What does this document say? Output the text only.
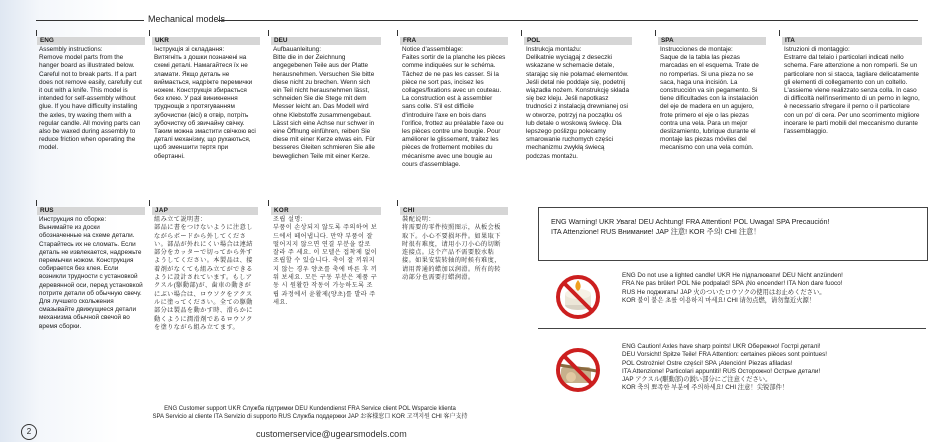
Mechanical models
ENG
Assembly instructions:
Remove model parts from the hanger board as illustrated below. Careful not to break parts. If a part does not remove easily, carefully cut it out with a knife. This model is intended for self-assembly without glue. If you have difficulty installing the axles, try waxing them with a regular candle. All moving parts can also be waxed during assembly to reduce friction when operating the model.
UKR
Інструкція зі складання:
Витягніть з дошки позначені на схемі деталі. Намагайтеся їх не зламати. Якщо деталь не виймається, надріжте перемички ножем. Конструкція збирається без клею. У разі виникнення труднощів з протягуванням зубочистки (вісі) в отвір, потріть зубочистку об звичайну свічку. Таким можна змастити свічкою всі деталі механізму, що рухаються, щоб зменшити тертя при обертанні.
DEU
Aufbauanleitung:
Bitte die in der Zeichnung angegebenen Teile aus der Platte herausnehmen. Versuchen Sie bitte diese nicht zu brechen. Wenn sich ein Teil nicht herausnehmen lässt, schneiden Sie die Stege mit dem Messer leicht an. Das Modell wird ohne Klebstoffe zusammengebaut. Lässt sich eine Achse nur schwer in eine Öffnung einführen, reiben Sie diese mit einer Kerze etwas ein. Für besseres Gleiten schmieren Sie alle beweglichen Teile mit einer Kerze.
FRA
Notice d'assemblage:
Faites sortir de la planche les pièces comme indiquées sur le schéma. Tâchez de ne pas les casser. Si la pièce ne sort pas, incisez les collages/fixations avec un couteau. La construction est à assembler sans colle. S'il est difficile d'introduire l'axe en bois dans l'orifice, frottez au préalable l'axe ou les pièces contre une bougie. Pour améliorer le glissement, traitez les pièces de frottement mobiles du mécanisme avec une bougie au cours d'assemblage.
POL
Instrukcja montażu:
Delikatnie wyciągaj z deseczki wskazane w schemacie detale, starając się nie połamać elementów. Jeśli detal nie poddaje się, podetnij wiązadła nożem. Konstrukcję składa się bez kleju. Jeśli napotkasz trudności z instalacją drewnianej osi w otworze, potrzyj na początku oś lub detale o woskową świecę. Dla lepszego poślizgu polecamy smarowanie ruchomych części mechanizmu zwykłą świecą podczas montażu.
SPA
Instrucciones de montaje:
Saque de la tabla las piezas marcadas en el esquema. Trate de no romperlas. Si una pieza no se saca, haga una incisión. La construcción va sin pegamento. Si tiene dificultades con la instalación del eje de madera en un agujero, frote primero el eje o las piezas contra una vela. Para un mejor deslizamiento, lubrique durante el montaje las piezas móviles del mecanismo con una vela común.
ITA
Istruzioni di montaggio:
Estrarre dal telaio i particolari indicati nello schema. Fare attenzione a non romperli. Se un particolare non si stacca, tagliare delicatamente gli elementi di collegamento con un coltello. L'assieme viene realizzato senza colla. In caso di difficoltà nell'inserimento di un perno in legno, è necessario sfregare il perno o il particolare con un po' di cera. Per uno scorrimento migliore incerare le parti mobili del meccanismo durante l'assemblaggio.
RUS
Инструкция по сборке:
Вынимайте из доски обозначенные на схеме детали. Старайтесь их не сломать. Если деталь не извлекается, надрежьте перемычки ножом. Конструкция собирается без клея. Если возникли трудности с установкой деревянной оси, перед установкой потрите детали об обычную свечу. Для лучшего скольжения смазывайте движущиеся детали механизма обычной свечой во время сборки.
JAP
組み立て説明書：
部品に書をつけないように注意しながらボードから外してください。部品が外れにくい場合は連結部分をカッターで切ってから外すようしてください。本製品は、接着剤がなくても組み立てができるように設計されています。もしアクスル(駆動部)が、歯車の動きがにぶい場合は、ロウソクをアクスルに塗ってください。全ての駆動部分は製品を動かす時、滑らかに動くように潤滑剤であるロウソクを塗りながら組み立てます。
KOR
조립 설명:
부품이 손상되지 않도록 주의하여 보드에서 떼어냅니다. 만약 부품이 잘 떨어지지 않으면 연결 부분을 칼로 잘라 주 세요. 이 모델은 접착제 없이 조립할 수 있습니다. 축이 잘 끼워지지 않는 경우 양초를 축에 바른 후 끼워 보세요. 모든 구동 부분은 제품 구동 시 원활한 작동이 가능하도록 조립 과정에서 윤활제(양초)를 발라 주세요.
CHI
裝配说明：
将需要的零件按照图示，从板会板取下。小心不要损坏件。如果取下时很有难度，请用小刀小心的切断连接点。这个产品不需要胶水粘接。如果安装转轴的时候有难度，请用普通的蜡加以润滑。所有的转动部分也需要打蜡润滑。
ENG Warning! UKR Увага! DEU Achtung! FRA Attention! POL Uwaga! SPA Precaución!
ITA Attenzione! RUS Внимание! JAP 注意! KOR 주의! CHI 注意！
ENG Do not use a lighted candle! UKR Не підпалювати! DEU Nicht anzünden!
FRA Ne pas brûler! POL Nie podpalać! SPA ¡No encender! ITA Non dare fuoco!
RUS Не поджигать! JAP 火のついたロウソクの使用はお止めください。
KOR 불이 붙은 초를 이용하지 마세요! CHI 请勿点燃，请勿靠近火源！
ENG Caution! Axles have sharp points! UKR Обережно! Гострі деталі!
DEU Vorsicht! Spitze Teile! FRA Attention: certaines pièces sont pointues!
POL Ostrożnie! Ostre części! SPA ¡Atención! Piezas afiladas!
ITA Attenzione! Particolari appuntiti! RUS Осторожно! Острые детали!
JAP アクスル(駆動部)の鋭い部分にご注意ください。
KOR 축의 뾰족한 부분에 주의하세요! CHI 注意！尖锐部件！
ENG Customer support UKR Служба підтримки DEU Kundendienst FRA Service client POL Wsparcie klienta
SPA Servicio al cliente ITA Servizio di supporto RUS Служба поддержки JAP お客様窓口 KOR 고객지원 CHI 客户支持
2	customerservice@ugearsmodels.com
